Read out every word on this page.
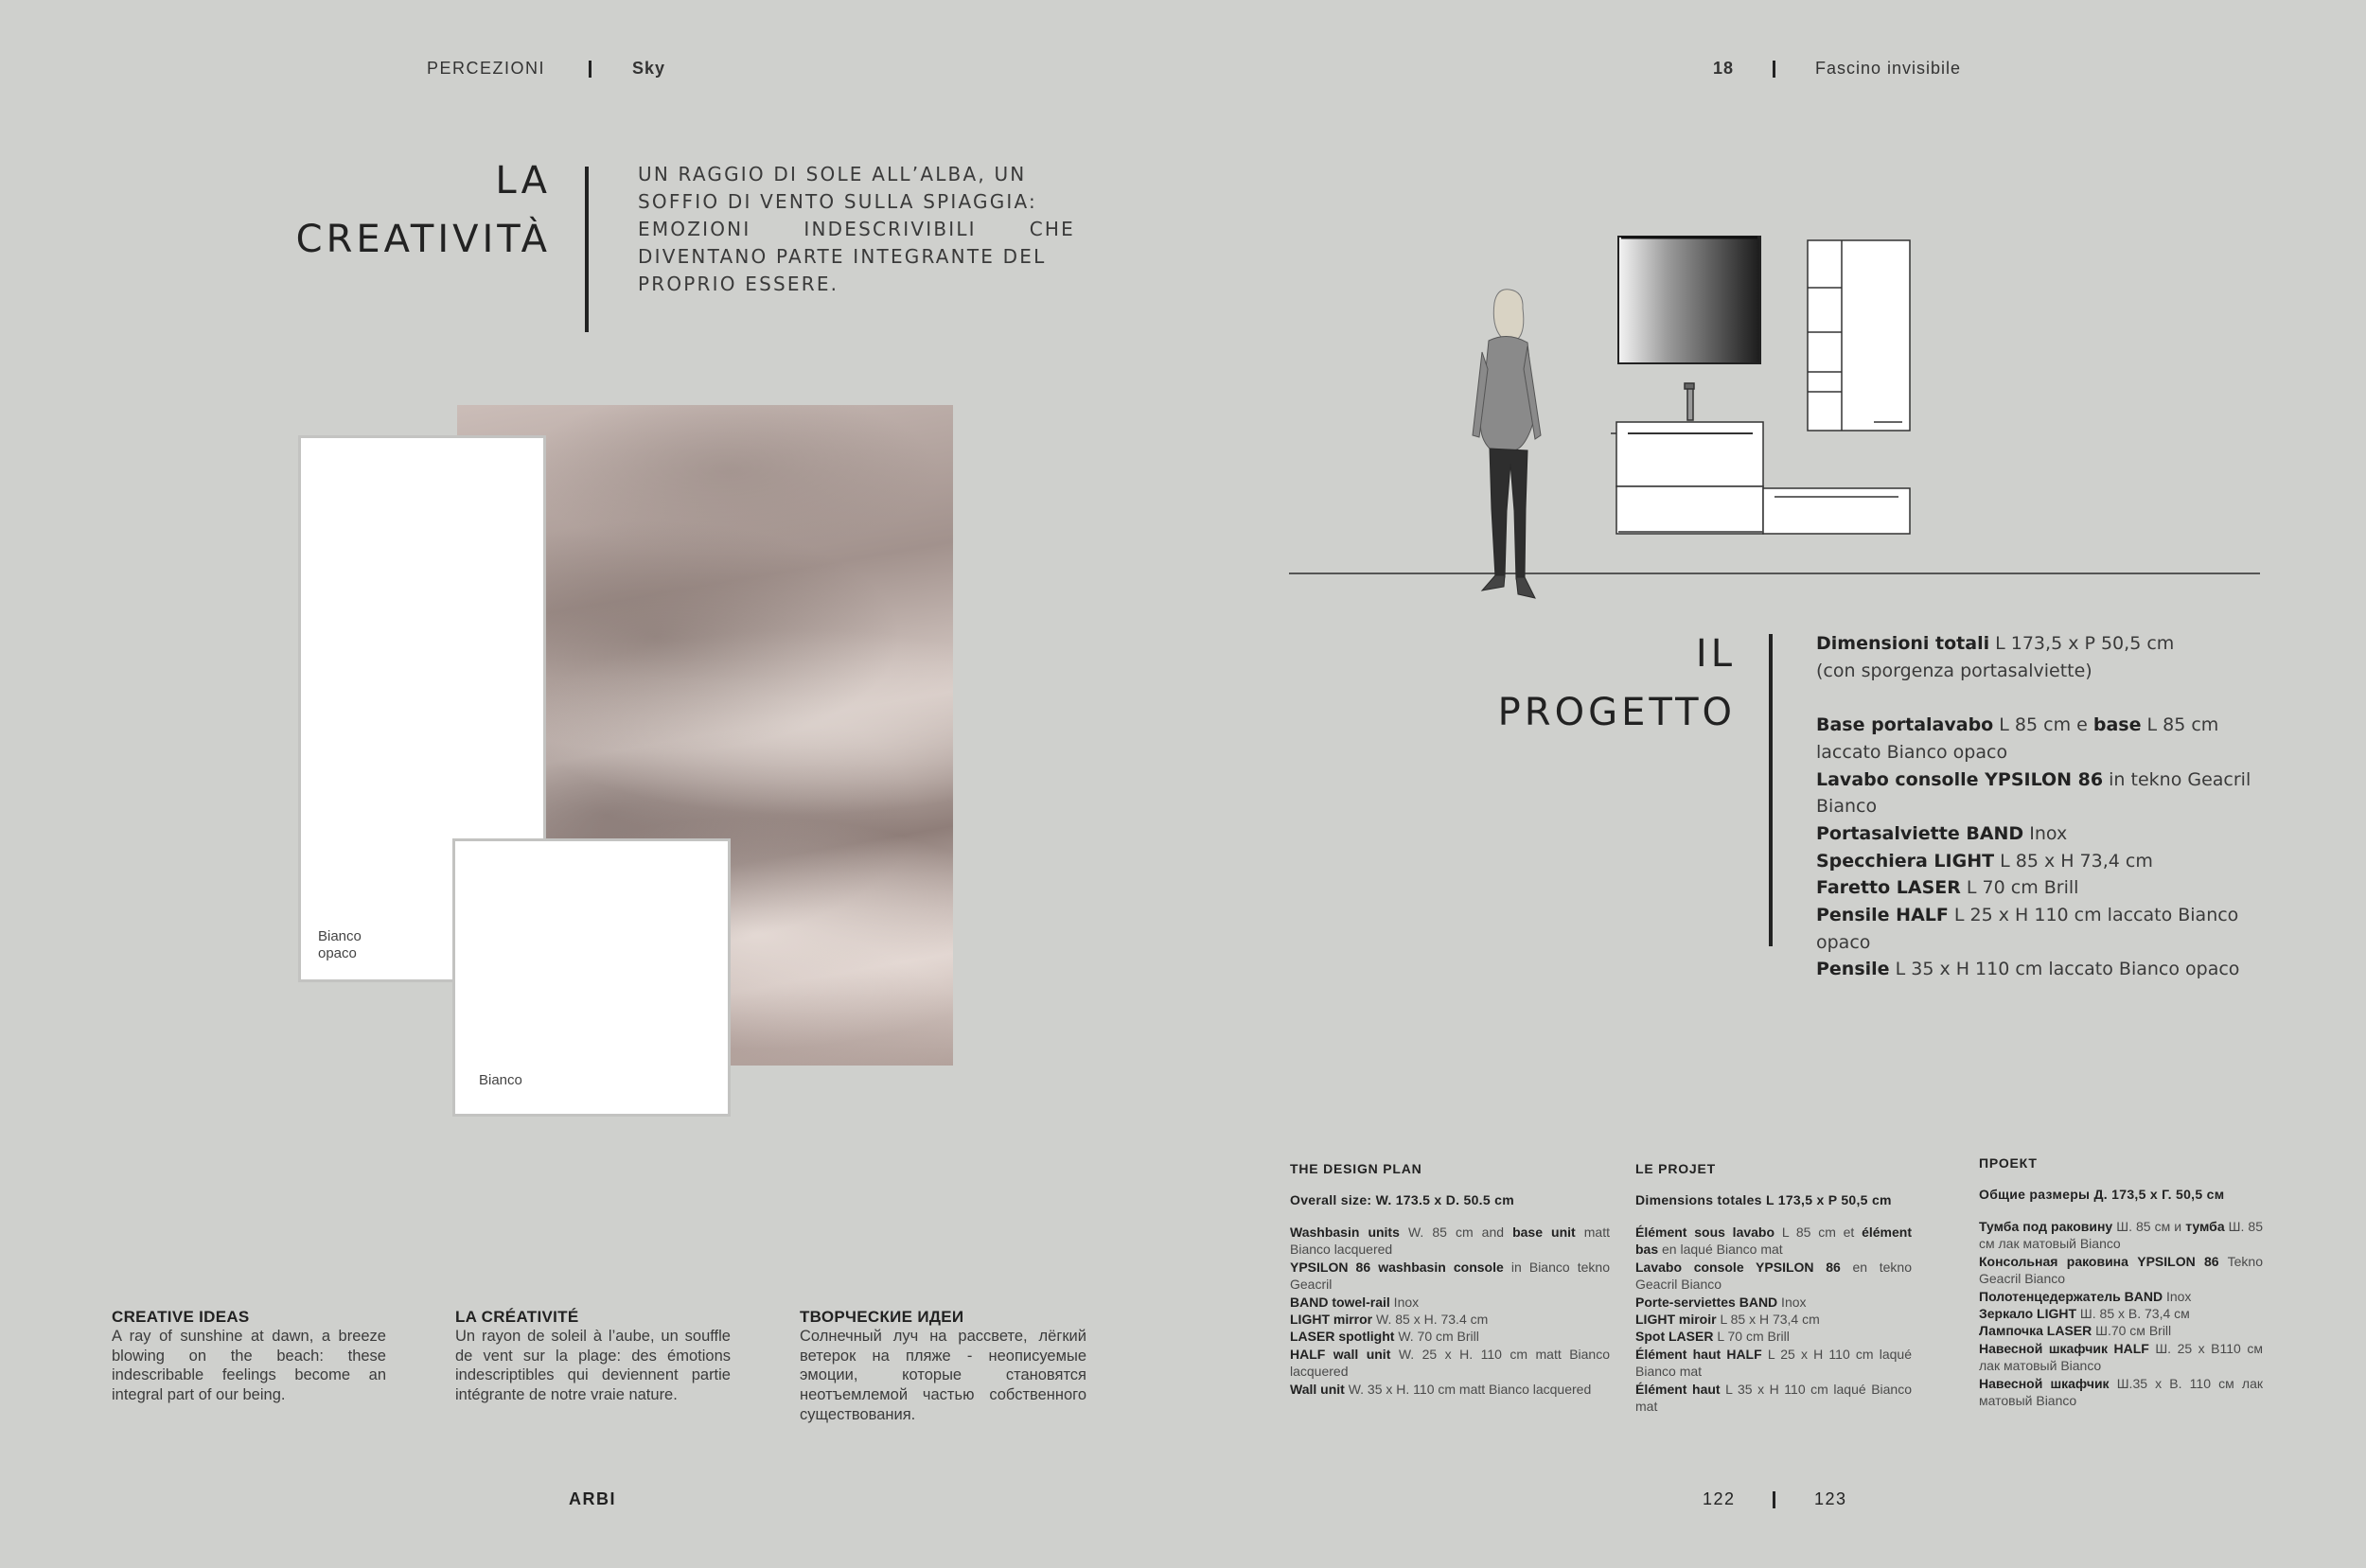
PERCEZIONI	Sky	18	Fascino invisibile
LA
CREATIVITÀ
UN RAGGIO DI SOLE ALL’ALBA, UN
SOFFIO DI VENTO SULLA SPIAGGIA:
EMOZIONI	INDESCRIVIBILI	CHE
DIVENTANO PARTE INTEGRANTE DEL
PROPRIO ESSERE.
Bianco
opaco
Bianco
CREATIVE IDEAS
A ray of sunshine at dawn, a breeze blowing on the beach: these indescribable feelings become an integral part of our being.
LA CRÉATIVITÉ
Un rayon de soleil à l’aube, un souffle de vent sur la plage: des émotions indescriptibles qui deviennent partie intégrante de notre vraie nature.
ТВОРЧЕСКИЕ ИДЕИ
Солнечный луч на рассвете, лёгкий ветерок на пляже - неописуемые эмоции, которые становятся неотъемлемой частью собственного существования.
IL
PROGETTO
Dimensioni totali L 173,5 x P 50,5 cm
(con sporgenza portasalviette)
Base portalavabo L 85 cm e base L 85 cm
laccato Bianco opaco
Lavabo consolle YPSILON 86 in tekno Geacril
Bianco
Portasalviette BAND Inox
Specchiera LIGHT L 85 x H 73,4 cm
Faretto LASER L 70 cm Brill
Pensile HALF L 25 x H 110 cm laccato Bianco
opaco
Pensile L 35 x H 110 cm laccato Bianco opaco
THE DESIGN PLAN
Overall size: W. 173.5 x D. 50.5 cm
Washbasin units W. 85 cm and base unit matt Bianco lacquered
YPSILON 86 washbasin console in Bianco tekno Geacril
BAND towel-rail Inox
LIGHT mirror W. 85 x H. 73.4 cm
LASER spotlight W. 70 cm Brill
HALF wall unit W. 25 x H. 110 cm matt Bianco lacquered
Wall unit W. 35 x H. 110 cm matt Bianco lacquered
LE PROJET
Dimensions totales L 173,5 x P 50,5 cm
Élément sous lavabo L 85 cm et élément bas en laqué Bianco mat
Lavabo console YPSILON 86 en tekno Geacril Bianco
Porte-serviettes BAND Inox
LIGHT miroir L 85 x H 73,4 cm
Spot LASER L 70 cm Brill
Élément haut HALF L 25 x H 110 cm laqué Bianco mat
Élément haut L 35 x H 110 cm laqué Bianco mat
ПРОЕКТ
Общие размеры Д. 173,5 x Г. 50,5 см
Тумба под раковину Ш. 85 см и тумба Ш. 85 см лак матовый Bianco
Консольная раковина YPSILON 86 Tekno Geacril Bianco
Полотенцедержатель BAND Inox
Зеркало LIGHT Ш. 85 x В. 73,4 см
Лампочка LASER Ш.70 см Brill
Навесной шкафчик HALF Ш. 25 x В110 см лак матовый Bianco
Навесной шкафчик Ш.35 x В. 110 см лак матовый Bianco
ARBI	122	123
